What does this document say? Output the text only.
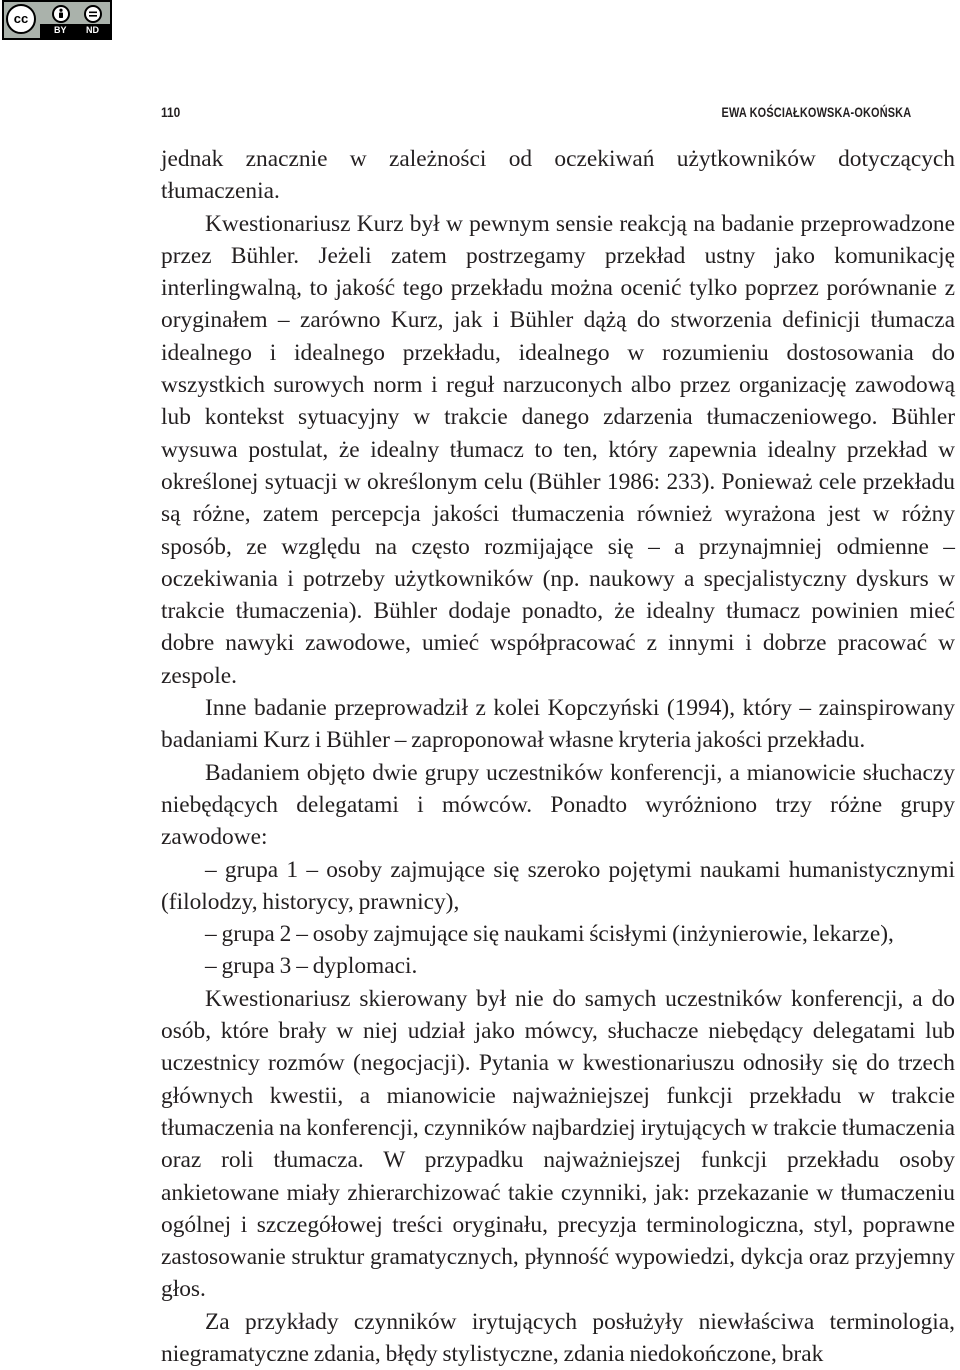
cc
BY ND
110	EWA KOŚCIAŁKOWSKA-OKOŃSKA

jednak znacznie w zależności od oczekiwań użytkowników dotyczących tłumaczenia.

Kwestionariusz Kurz był w pewnym sensie reakcją na badanie przeprowadzone przez Bühler. Jeżeli zatem postrzegamy przekład ustny jako komunikację interlingwalną, to jakość tego przekładu można ocenić tylko poprzez porównanie z oryginałem – zarówno Kurz, jak i Bühler dążą do stworzenia definicji tłumacza idealnego i idealnego przekładu, idealnego w rozumieniu dostosowania do wszystkich surowych norm i reguł narzuconych albo przez organizację zawodową lub kontekst sytuacyjny w trakcie danego zdarzenia tłumaczeniowego. Bühler wysuwa postulat, że idealny tłumacz to ten, który zapewnia idealny przekład w określonej sytuacji w określonym celu (Bühler 1986: 233). Ponieważ cele przekładu są różne, zatem percepcja jakości tłumaczenia również wyrażona jest w różny sposób, ze względu na często rozmijające się – a przynajmniej odmienne – oczekiwania i potrzeby użytkowników (np. naukowy a specjalistyczny dyskurs w trakcie tłumaczenia). Bühler dodaje ponadto, że idealny tłumacz powinien mieć dobre nawyki zawodowe, umieć współpracować z innymi i dobrze pracować w zespole.

Inne badanie przeprowadził z kolei Kopczyński (1994), który – zainspirowany badaniami Kurz i Bühler – zaproponował własne kryteria jakości przekładu.

Badaniem objęto dwie grupy uczestników konferencji, a mianowicie słuchaczy niebędących delegatami i mówców. Ponadto wyróżniono trzy różne grupy zawodowe:

– grupa 1 – osoby zajmujące się szeroko pojętymi naukami humanistycznymi (filolodzy, historycy, prawnicy),

– grupa 2 – osoby zajmujące się naukami ścisłymi (inżynierowie, lekarze),

– grupa 3 – dyplomaci.

Kwestionariusz skierowany był nie do samych uczestników konferencji, a do osób, które brały w niej udział jako mówcy, słuchacze niebędący delegatami lub uczestnicy rozmów (negocjacji). Pytania w kwestionariuszu odnosiły się do trzech głównych kwestii, a mianowicie najważniejszej funkcji przekładu w trakcie tłumaczenia na konferencji, czynników najbardziej irytujących w trakcie tłumaczenia oraz roli tłumacza. W przypadku najważniejszej funkcji przekładu osoby ankietowane miały zhierarchizować takie czynniki, jak: przekazanie w tłumaczeniu ogólnej i szczegółowej treści oryginału, precyzja terminologiczna, styl, poprawne zastosowanie struktur gramatycznych, płynność wypowiedzi, dykcja oraz przyjemny głos.

Za przykłady czynników irytujących posłużyły niewłaściwa terminologia, niegramatyczne zdania, błędy stylistyczne, zdania niedokończone, brak
